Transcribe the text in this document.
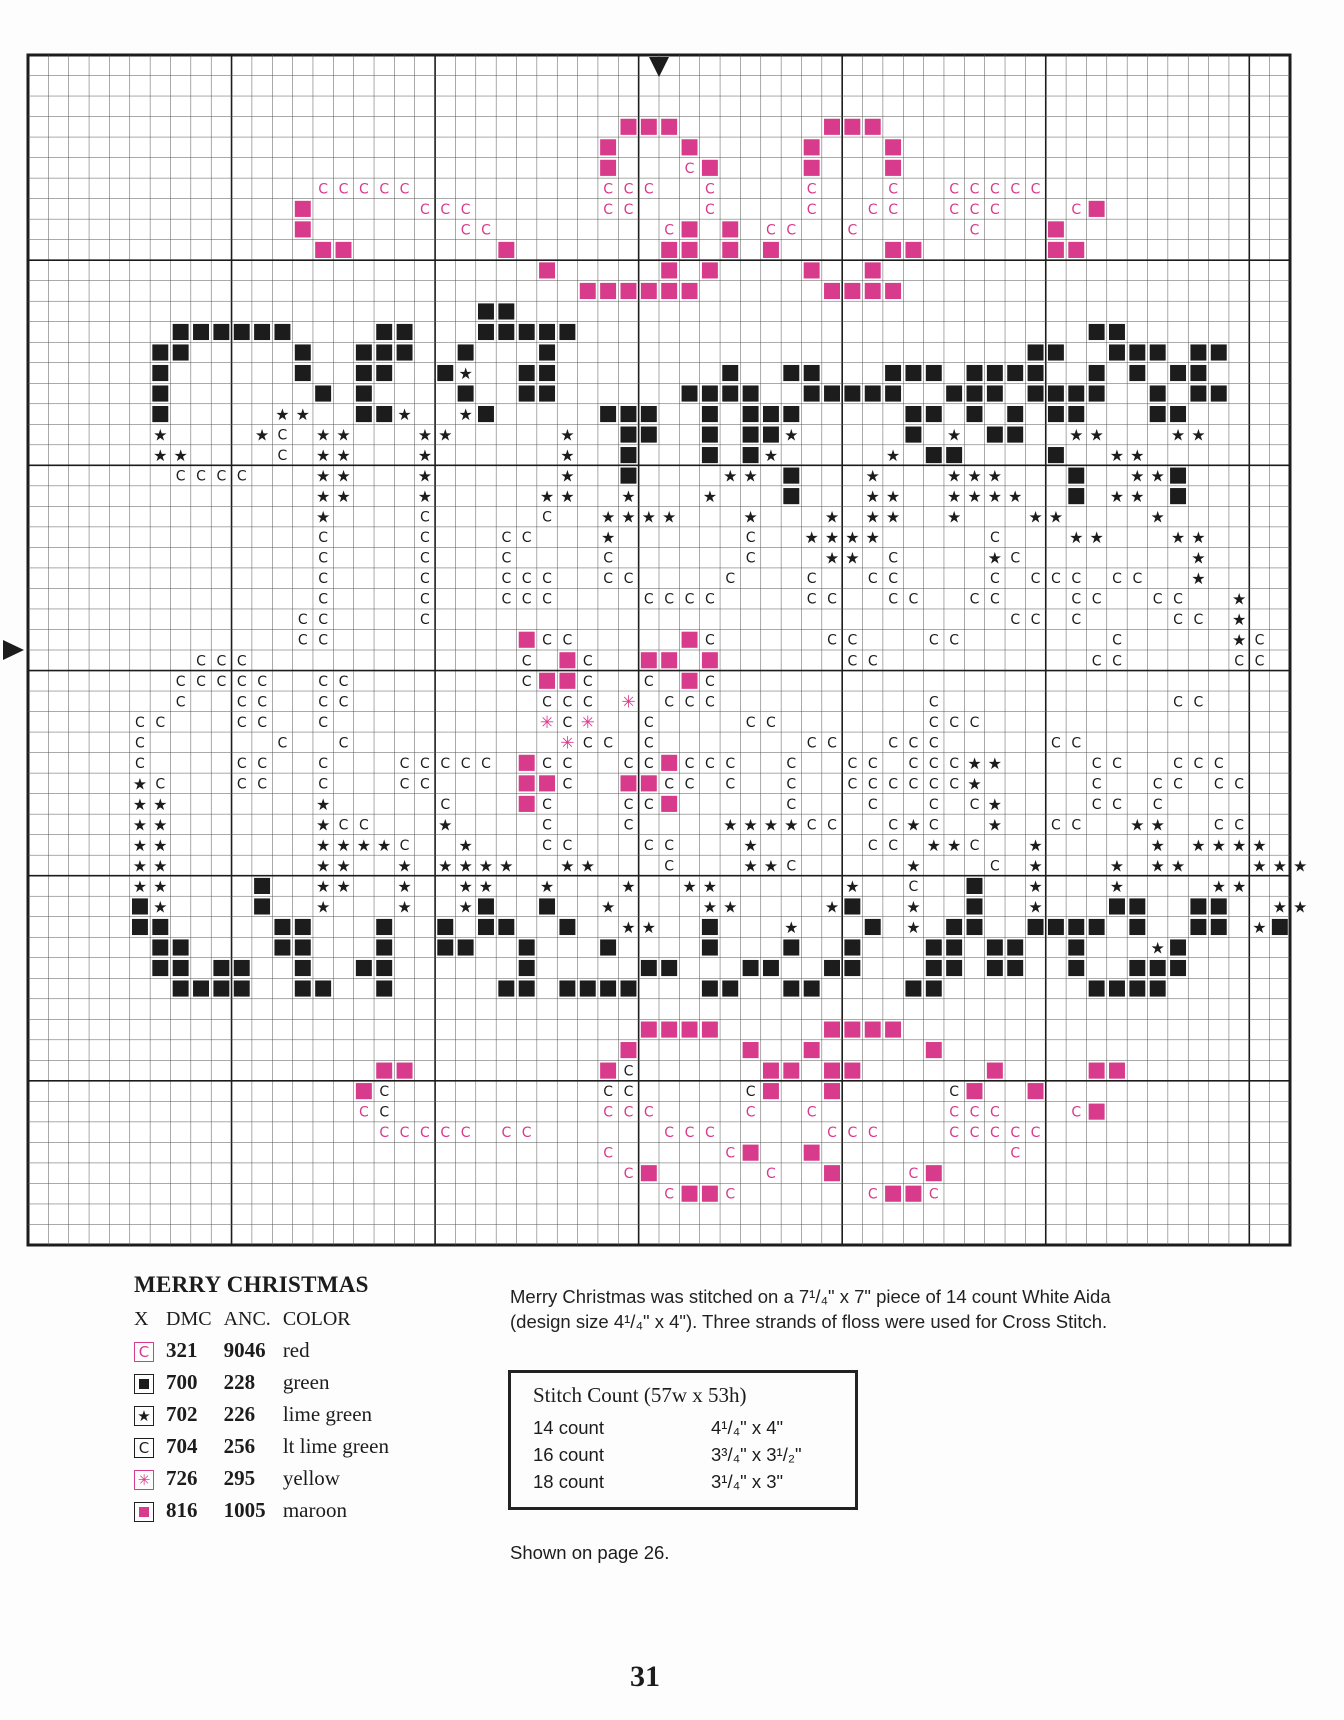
C
C C C C C	C C C	C	C	C	C C C C C
C C C	C C	C	C	C C	C C C	C
C C	C	C C	C	C
★
★ ★	★	★
★	★ C ★ ★	★ ★	★	★	★	★ ★	★ ★
★ ★	C ★ ★	★	★	★	★	★ ★
C C C C	★ ★	★	★	★ ★	★	★ ★ ★	★ ★
★ ★	★	★ ★	★	★	★ ★	★ ★ ★ ★	★ ★
★	C	C	★ ★ ★ ★	★	★ ★ ★	★	★ ★	★
C	C	C C	★	C	★ ★ ★ ★	C	★ ★	★ ★
C	C	C	C	C	★ ★ C	★ C	★
C	C	C C C	C C	C	C	C C	C C C C C C	★
C	C	C C C	C C C C	C C	C C	C C	C C	C C	★
C C	C	C C C	C C ★
C C	C C	C	C C	C C	C	★ C
C C C	C	C	C C	C C	C C
C C C C C	C C	C	C	C	C
C	C C	C C	C C C ✳ C C C	C	C C
C C	C C	C	✳ C ✳	C	C C	C C C
C	C	C	✳ C C C	C C	C C C	C C
C	C C	C	C C C C C	C C	C C C C C	C	C C C C C ★ ★	C C	C C C
★ C	C C	C	C C	C	C C C	C	C C C C C C ★	C	C C C C
★ ★	★	C	C	C C	C	C	C C ★	C C C
★ ★	★ C C	★	C	C	★ ★ ★ ★ C C	C ★ C	★	C C	★ ★	C C
★ ★	★ ★ ★ ★ C	★	C C	C C	★	C C ★ ★ C	★	★ ★ ★ ★ ★
★ ★	★ ★	★ ★ ★ ★ ★	★ ★	C	★ ★ C	★	C ★	★ ★ ★	★ ★ ★
★ ★	★ ★	★	★ ★	★	★	★ ★	★	C	★	★	★ ★
★	★	★	★	★	★ ★	★	★	★	★ ★
★ ★	★	★	★
★
C
C	C C	C	C
C C	C C C	C	C	C C C	C
C C C C C C C	C C C	C C C	C C C C C
C	C	C
C	C	C
C	C	C	C
MERRY CHRISTMAS
X	DMC	ANC.	COLOR
C	321	9046	red

	700	228	green
★	702	226	lime green
C	704	256	lt lime green
✳	726	295	yellow

	816	1005	maroon
Merry Christmas was stitched on a 7¹/₄" x 7" piece of 14 count White Aida
(design size 4¹/₄" x 4"). Three strands of floss were used for Cross Stitch.
Stitch Count (57w x 53h)
14 count	4¹/₄" x 4"
16 count	3³/₄" x 3¹/₂"
18 count	3¹/₄" x 3"
Shown on page 26.
31
